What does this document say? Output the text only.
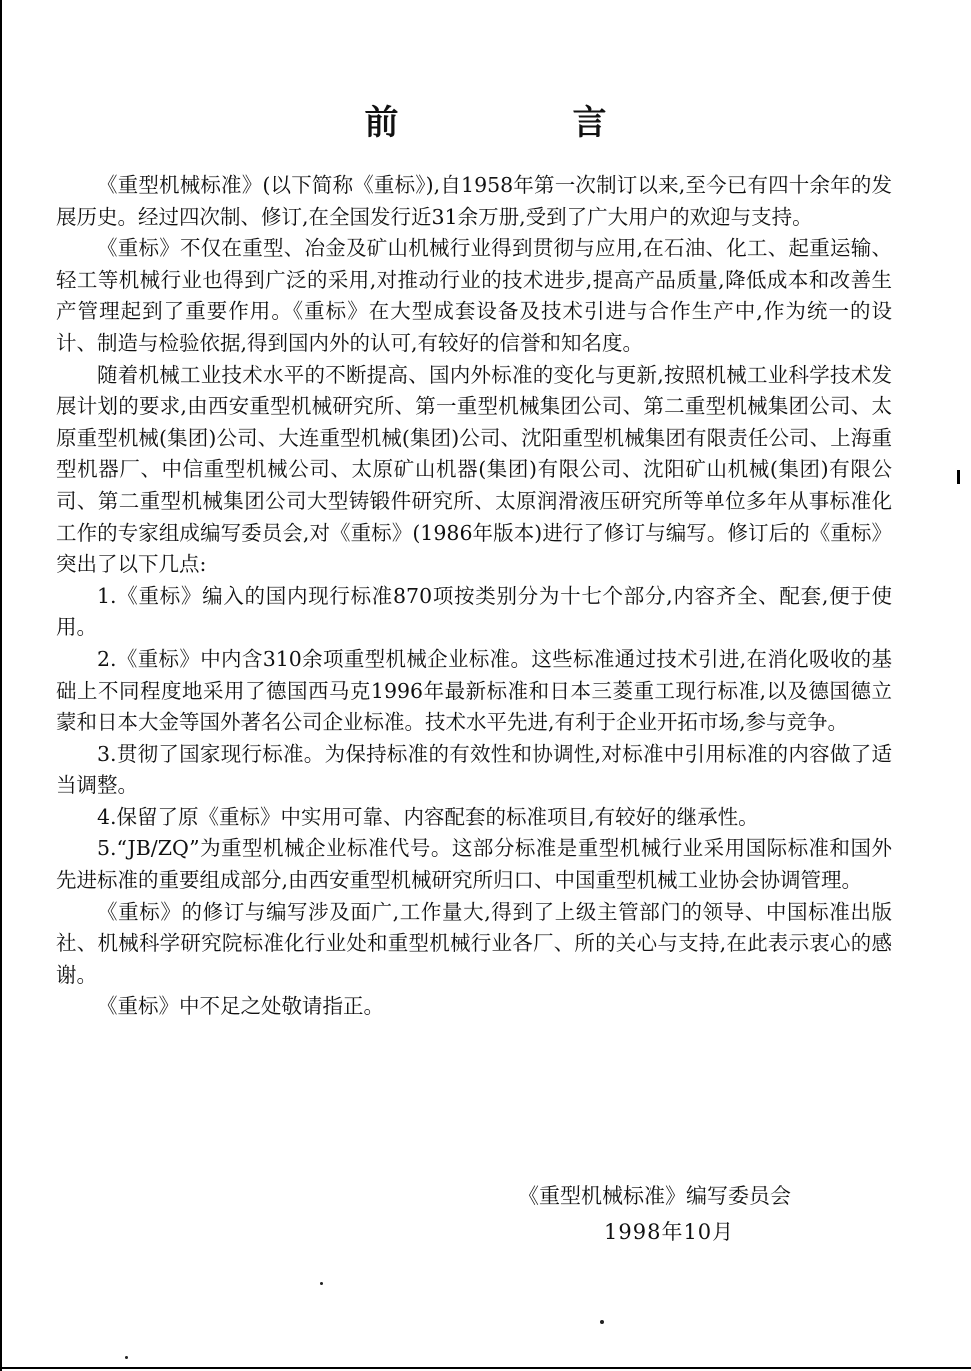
前　言

《重型机械标准》(以下简称《重标》),自1958年第一次制订以来,至今已有四十余年的发展历史。经过四次制、修订,在全国发行近31余万册,受到了广大用户的欢迎与支持。

《重标》不仅在重型、冶金及矿山机械行业得到贯彻与应用,在石油、化工、起重运输、轻工等机械行业也得到广泛的采用,对推动行业的技术进步,提高产品质量,降低成本和改善生产管理起到了重要作用。《重标》在大型成套设备及技术引进与合作生产中,作为统一的设计、制造与检验依据,得到国内外的认可,有较好的信誉和知名度。

随着机械工业技术水平的不断提高、国内外标准的变化与更新,按照机械工业科学技术发展计划的要求,由西安重型机械研究所、第一重型机械集团公司、第二重型机械集团公司、太原重型机械(集团)公司、大连重型机械(集团)公司、沈阳重型机械集团有限责任公司、上海重型机器厂、中信重型机械公司、太原矿山机器(集团)有限公司、沈阳矿山机械(集团)有限公司、第二重型机械集团公司大型铸锻件研究所、太原润滑液压研究所等单位多年从事标准化工作的专家组成编写委员会,对《重标》(1986年版本)进行了修订与编写。修订后的《重标》突出了以下几点:

1.《重标》编入的国内现行标准870项按类别分为十七个部分,内容齐全、配套,便于使用。

2.《重标》中内含310余项重型机械企业标准。这些标准通过技术引进,在消化吸收的基础上不同程度地采用了德国西马克1996年最新标准和日本三菱重工现行标准,以及德国德立蒙和日本大金等国外著名公司企业标准。技术水平先进,有利于企业开拓市场,参与竞争。

3.贯彻了国家现行标准。为保持标准的有效性和协调性,对标准中引用标准的内容做了适当调整。

4.保留了原《重标》中实用可靠、内容配套的标准项目,有较好的继承性。

5.“JB/ZQ”为重型机械企业标准代号。这部分标准是重型机械行业采用国际标准和国外先进标准的重要组成部分,由西安重型机械研究所归口、中国重型机械工业协会协调管理。

《重标》的修订与编写涉及面广,工作量大,得到了上级主管部门的领导、中国标准出版社、机械科学研究院标准化行业处和重型机械行业各厂、所的关心与支持,在此表示衷心的感谢。

《重标》中不足之处敬请指正。

《重型机械标准》编写委员会
1998年10月
